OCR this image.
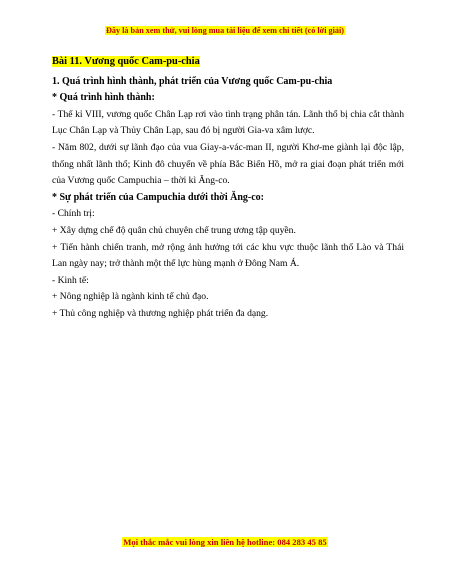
Đây là bản xem thử, vui lòng mua tài liệu để xem chi tiết (có lời giải)

Bài 11. Vương quốc Cam-pu-chia

1. Quá trình hình thành, phát triển của Vương quốc Cam-pu-chia

* Quá trình hình thành:

- Thế kỉ VIII, vương quốc Chân Lạp rơi vào tình trạng phân tán. Lãnh thổ bị chia cắt thành Lục Chân Lạp và Thủy Chân Lạp, sau đó bị người Gia-va xâm lược.

- Năm 802, dưới sự lãnh đạo của vua Giay-a-vác-man II, người Khơ-me giành lại độc lập, thống nhất lãnh thổ; Kinh đô chuyển về phía Bắc Biển Hồ, mở ra giai đoạn phát triển mới của Vương quốc Campuchia – thời kì Ăng-co.

* Sự phát triển của Campuchia dưới thời Ăng-co:

- Chính trị:

+ Xây dựng chế độ quân chủ chuyên chế trung ương tập quyền.

+ Tiến hành chiến tranh, mở rộng ảnh hưởng tới các khu vực thuộc lãnh thổ Lào và Thái Lan ngày nay; trở thành một thế lực hùng mạnh ở Đông Nam Á.

- Kinh tế:

+ Nông nghiệp là ngành kinh tế chủ đạo.

+ Thủ công nghiệp và thương nghiệp phát triển đa dạng.

Mọi thắc mắc vui lòng xin liên hệ hotline: 084 283 45 85
